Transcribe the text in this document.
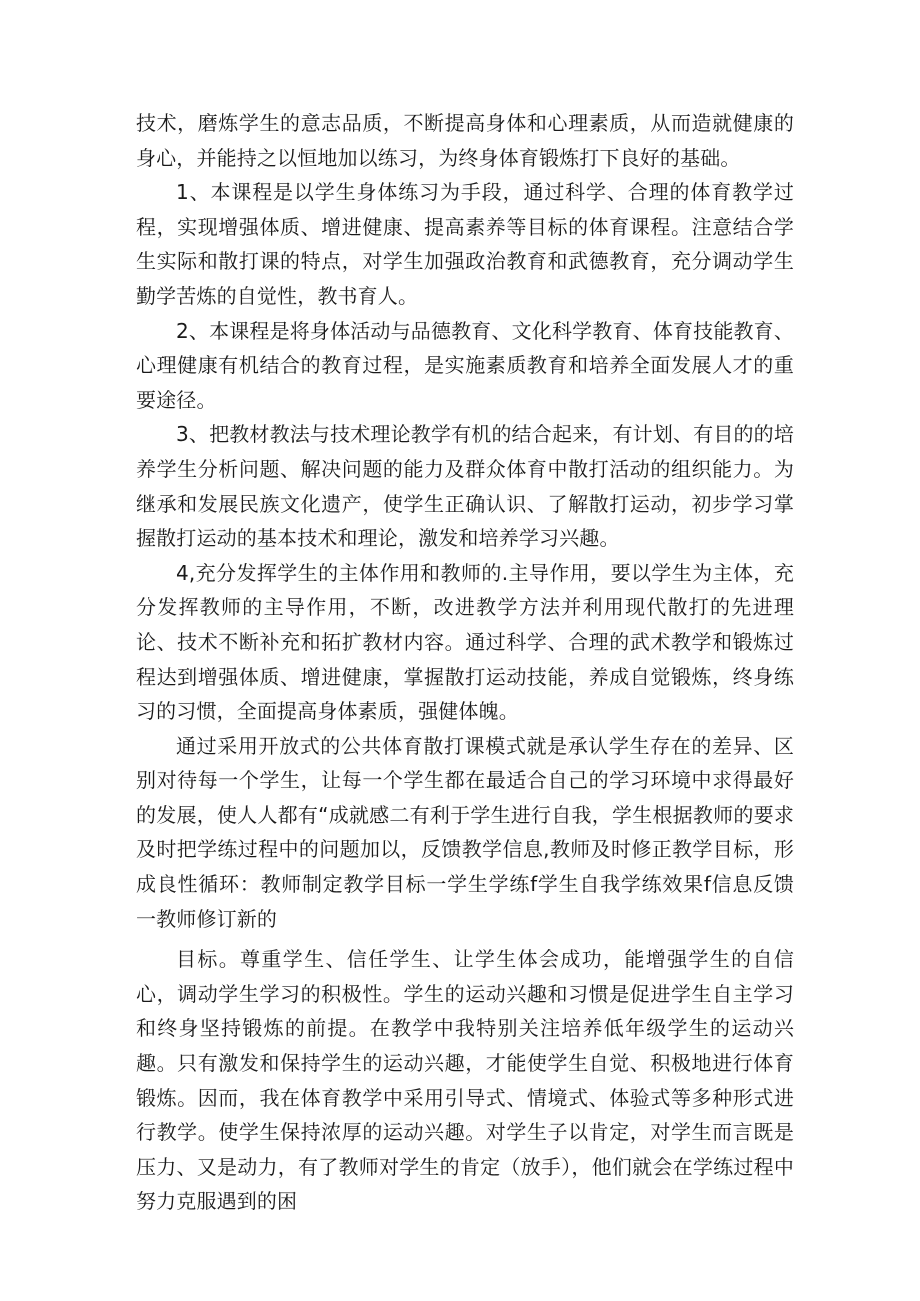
技术，磨炼学生的意志品质，不断提高身体和心理素质，从而造就健康的身心，并能持之以恒地加以练习，为终身体育锻炼打下良好的基础。

1、本课程是以学生身体练习为手段，通过科学、合理的体育教学过程，实现增强体质、增进健康、提高素养等目标的体育课程。注意结合学生实际和散打课的特点，对学生加强政治教育和武德教育，充分调动学生勤学苦炼的自觉性，教书育人。

2、本课程是将身体活动与品德教育、文化科学教育、体育技能教育、心理健康有机结合的教育过程，是实施素质教育和培养全面发展人才的重要途径。

3、把教材教法与技术理论教学有机的结合起来，有计划、有目的的培养学生分析问题、解决问题的能力及群众体育中散打活动的组织能力。为继承和发展民族文化遗产，使学生正确认识、了解散打运动，初步学习掌握散打运动的基本技术和理论，激发和培养学习兴趣。

4,充分发挥学生的主体作用和教师的.主导作用，要以学生为主体，充分发挥教师的主导作用，不断，改进教学方法并利用现代散打的先进理论、技术不断补充和拓扩教材内容。通过科学、合理的武术教学和锻炼过程达到增强体质、增进健康，掌握散打运动技能，养成自觉锻炼，终身练习的习惯，全面提高身体素质，强健体魄。

通过采用开放式的公共体育散打课模式就是承认学生存在的差异、区别对待每一个学生，让每一个学生都在最适合自己的学习环境中求得最好的发展，使人人都有“成就感二有利于学生进行自我，学生根据教师的要求及时把学练过程中的问题加以，反馈教学信息,教师及时修正教学目标，形成良性循环：教师制定教学目标一学生学练f学生自我学练效果f信息反馈一教师修订新的

目标。尊重学生、信任学生、让学生体会成功，能增强学生的自信心，调动学生学习的积极性。学生的运动兴趣和习惯是促进学生自主学习和终身坚持锻炼的前提。在教学中我特别关注培养低年级学生的运动兴趣。只有激发和保持学生的运动兴趣，才能使学生自觉、积极地进行体育锻炼。因而，我在体育教学中采用引导式、情境式、体验式等多种形式进行教学。使学生保持浓厚的运动兴趣。对学生子以肯定，对学生而言既是压力、又是动力，有了教师对学生的肯定（放手），他们就会在学练过程中努力克服遇到的困
